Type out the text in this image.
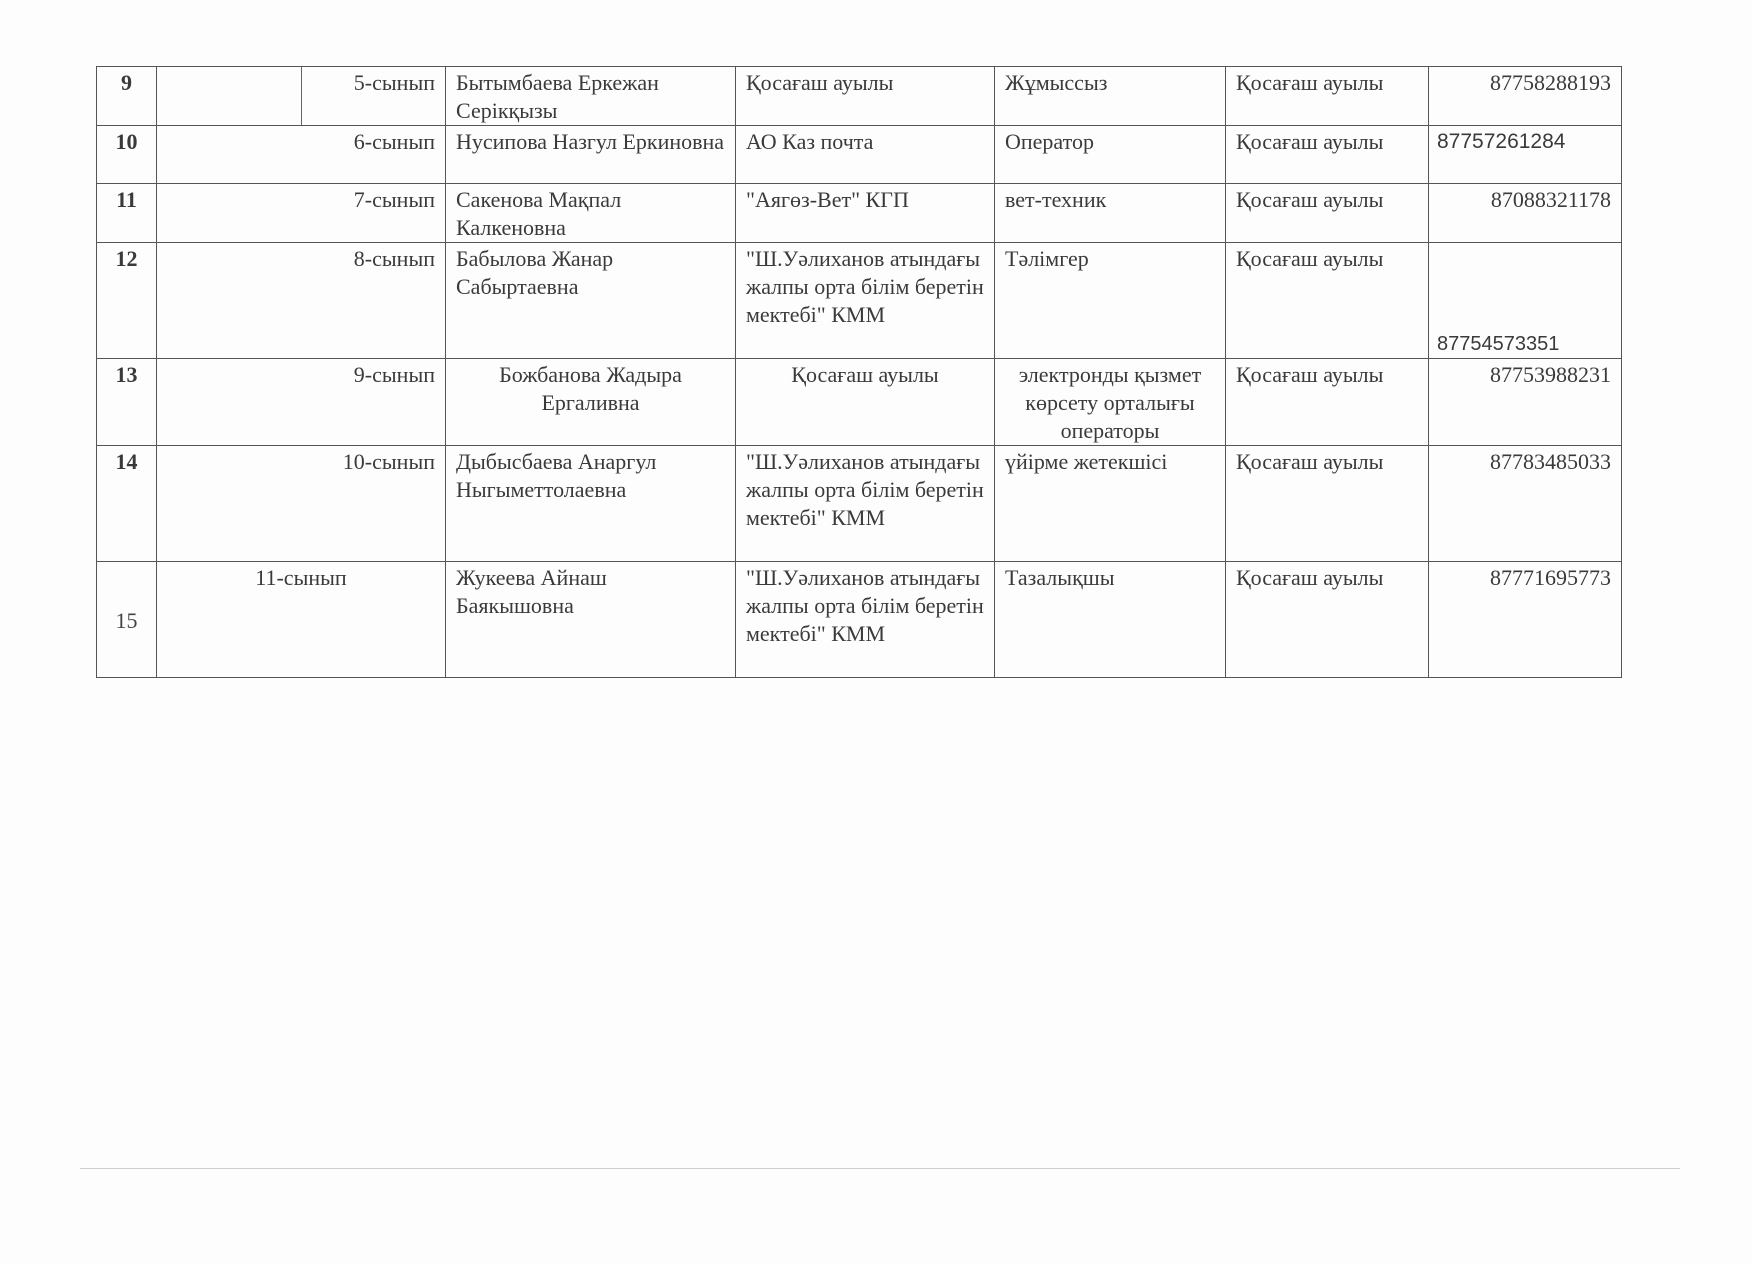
9	5-сынып	Бытымбаева Еркежан Серікқызы	Қосағаш ауылы	Жұмыссыз	Қосағаш ауылы	87758288193
10	6-сынып	Нусипова Назгул Еркиновна	АО Каз почта	Оператор	Қосағаш ауылы	87757261284
11	7-сынып	Сакенова Мақпал Калкеновна	"Аягөз-Вет" КГП	вет-техник	Қосағаш ауылы	87088321178
12	8-сынып	Бабылова Жанар Сабыртаевна	"Ш.Уәлиханов атындағы жалпы орта білім беретін мектебі" КММ	Тәлімгер	Қосағаш ауылы	87754573351
13	9-сынып	Божбанова Жадыра Ергаливна	Қосағаш ауылы	электронды қызмет көрсету орталығы операторы	Қосағаш ауылы	87753988231
14	10-сынып	Дыбысбаева Анаргул Ныгыметтолаевна	"Ш.Уәлиханов атындағы жалпы орта білім беретін мектебі" КММ	үйірме жетекшісі	Қосағаш ауылы	87783485033
15	11-сынып	Жукеева Айнаш Баякышовна	"Ш.Уәлиханов атындағы жалпы орта білім беретін мектебі" КММ	Тазалықшы	Қосағаш ауылы	87771695773
